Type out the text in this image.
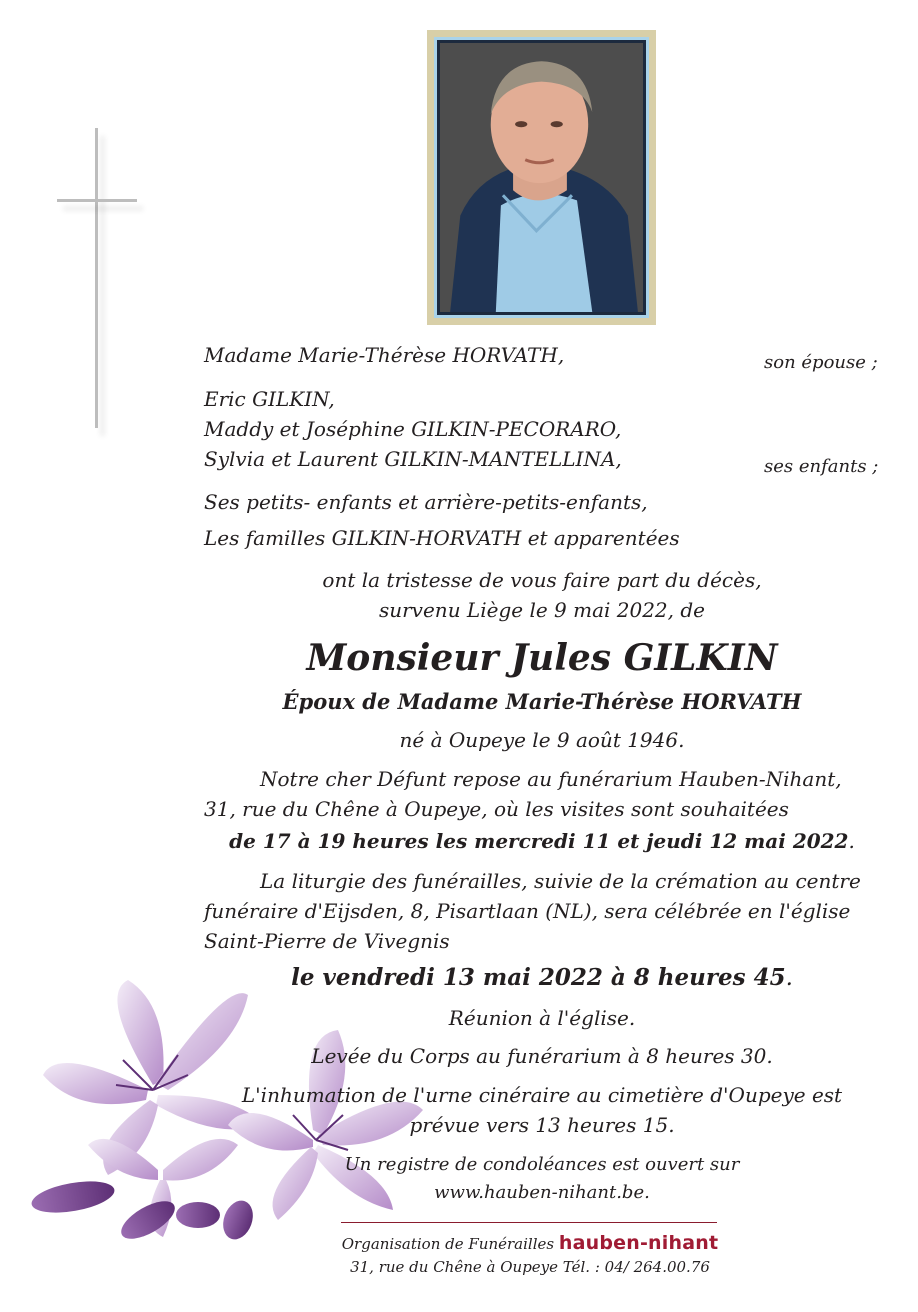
Madame Marie-Thérèse HORVATH,	son épouse ;
Eric GILKIN,
Maddy et Joséphine GILKIN-PECORARO,
Sylvia et Laurent GILKIN-MANTELLINA,	ses enfants ;
Ses petits- enfants et arrière-petits-enfants,
Les familles GILKIN-HORVATH et apparentées
ont la tristesse de vous faire part du décès,
survenu Liège le 9 mai 2022, de
Monsieur Jules GILKIN
Époux de Madame Marie-Thérèse HORVATH
né à Oupeye le 9 août 1946.
Notre cher Défunt repose au funérarium Hauben-Nihant,
31, rue du Chêne à Oupeye, où les visites sont souhaitées
de 17 à 19 heures les mercredi 11 et jeudi 12 mai 2022.
La liturgie des funérailles, suivie de la crémation au centre
funéraire d'Eijsden, 8, Pisartlaan (NL), sera célébrée en l'église
Saint-Pierre de Vivegnis
le vendredi 13 mai 2022 à 8 heures 45.
Réunion à l'église.
Levée du Corps au funérarium à 8 heures 30.
L'inhumation de l'urne cinéraire au cimetière d'Oupeye est
prévue vers 13 heures 15.
Un registre de condoléances est ouvert sur
www.hauben-nihant.be.
Organisation de Funérailles hauben-nihant
31, rue du Chêne à Oupeye Tél. : 04/ 264.00.76
